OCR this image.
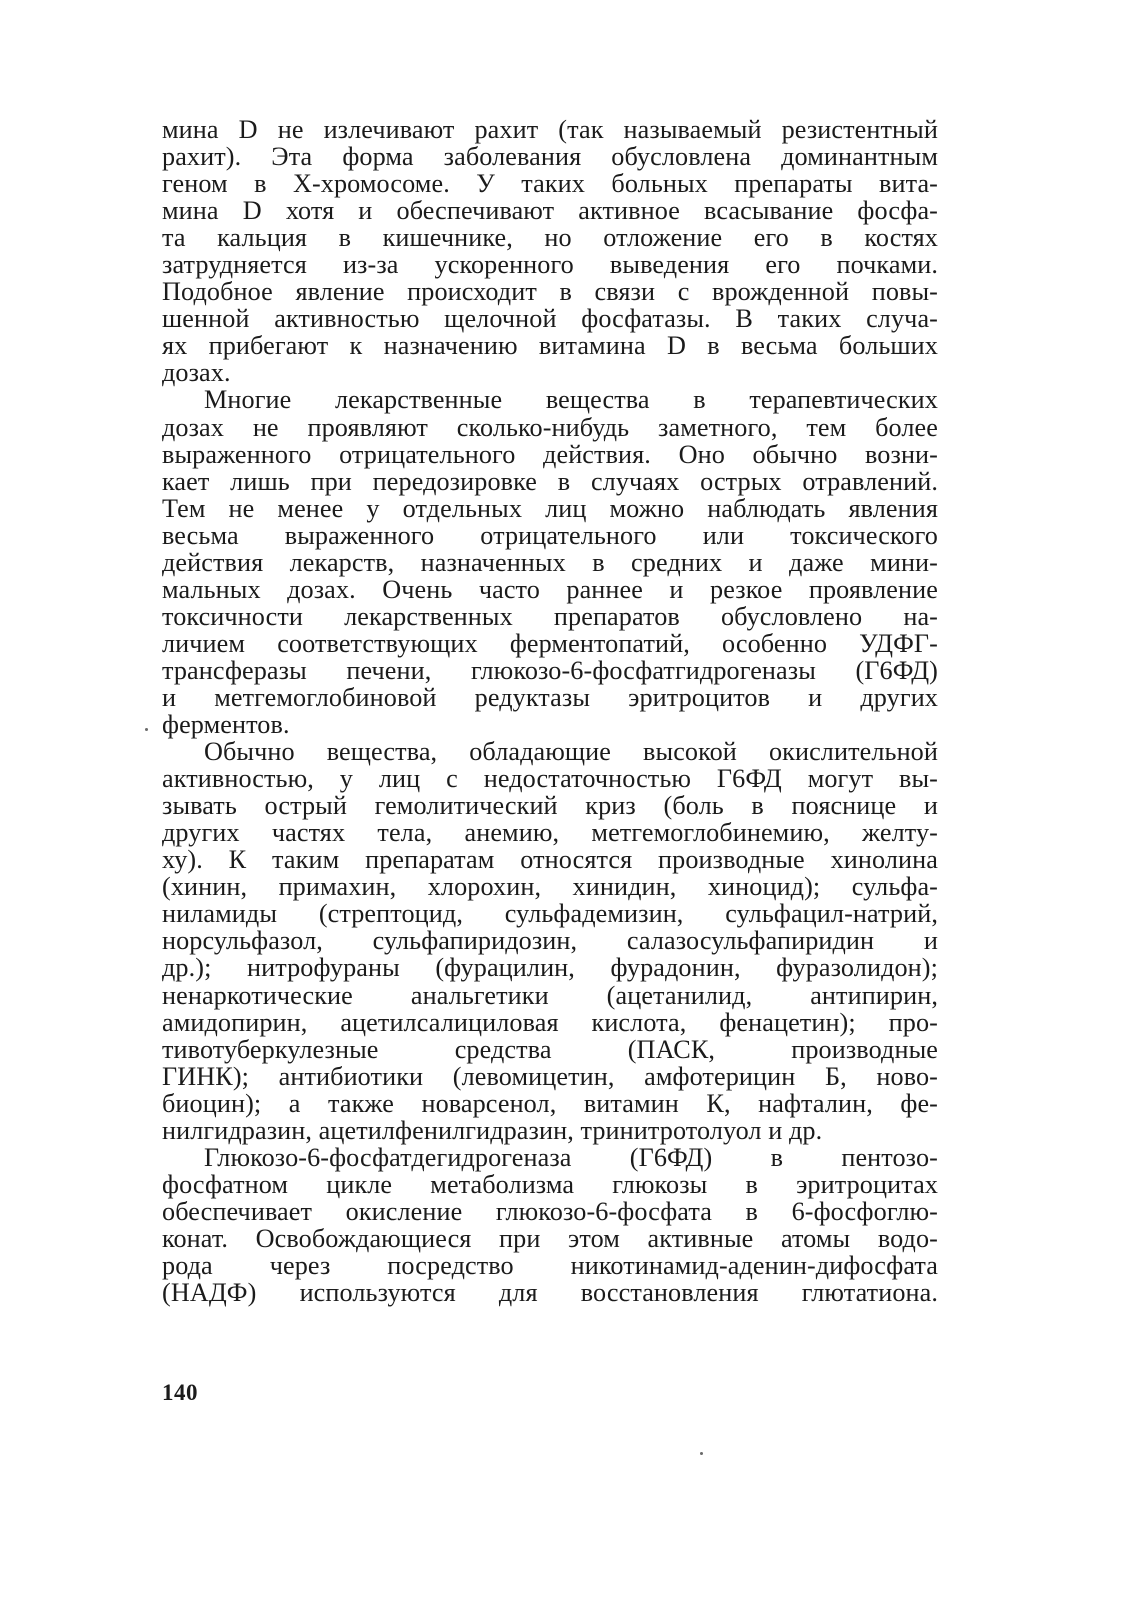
мина D не излечивают рахит (так называемый резистентный
рахит). Эта форма заболевания обусловлена доминантным
геном в Х-хромосоме. У таких больных препараты вита-
мина D хотя и обеспечивают активное всасывание фосфа-
та кальция в кишечнике, но отложение его в костях
затрудняется из-за ускоренного выведения его почками.
Подобное явление происходит в связи с врожденной повы-
шенной активностью щелочной фосфатазы. В таких случа-
ях прибегают к назначению витамина D в весьма больших
дозах.
Многие лекарственные вещества в терапевтических
дозах не проявляют сколько-нибудь заметного, тем более
выраженного отрицательного действия. Оно обычно возни-
кает лишь при передозировке в случаях острых отравлений.
Тем не менее у отдельных лиц можно наблюдать явления
весьма выраженного отрицательного или токсического
действия лекарств, назначенных в средних и даже мини-
мальных дозах. Очень часто раннее и резкое проявление
токсичности лекарственных препаратов обусловлено на-
личием соответствующих ферментопатий, особенно УДФГ-
трансферазы печени, глюкозо-6-фосфатгидрогеназы (Г6ФД)
и метгемоглобиновой редуктазы эритроцитов и других
ферментов.
Обычно вещества, обладающие высокой окислительной
активностью, у лиц с недостаточностью Г6ФД могут вы-
зывать острый гемолитический криз (боль в пояснице и
других частях тела, анемию, метгемоглобинемию, желту-
ху). К таким препаратам относятся производные хинолина
(хинин, примахин, хлорохин, хинидин, хиноцид); сульфа-
ниламиды (стрептоцид, сульфадемизин, сульфацил-натрий,
норсульфазол, сульфапиридозин, салазосульфапиридин и
др.); нитрофураны (фурацилин, фурадонин, фуразолидон);
ненаркотические анальгетики (ацетанилид, антипирин,
амидопирин, ацетилсалициловая кислота, фенацетин); про-
тивотуберкулезные средства (ПАСК, производные
ГИНК); антибиотики (левомицетин, амфотерицин Б, ново-
биоцин); а также новарсенол, витамин К, нафталин, фе-
нилгидразин, ацетилфенилгидразин, тринитротолуол и др.
Глюкозо-6-фосфатдегидрогеназа (Г6ФД) в пентозо-
фосфатном цикле метаболизма глюкозы в эритроцитах
обеспечивает окисление глюкозо-6-фосфата в 6-фосфоглю-
конат. Освобождающиеся при этом активные атомы водо-
рода через посредство никотинамид-аденин-дифосфата
(НАДФ) используются для восстановления глютатиона.
140
